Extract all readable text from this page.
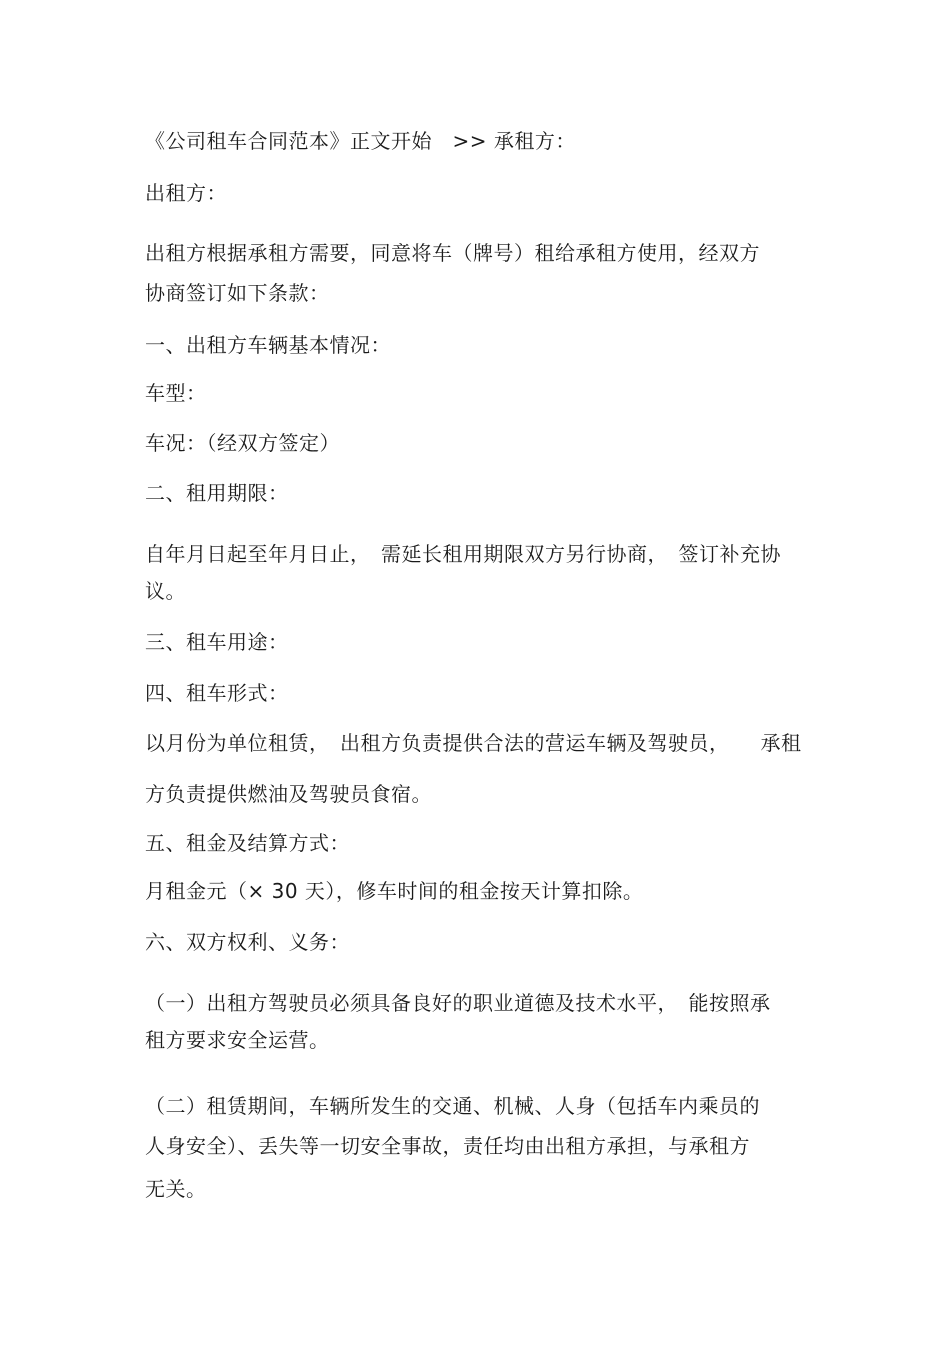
《公司租车合同范本》正文开始　>> 承租方：
出租方：
出租方根据承租方需要，同意将车（牌号）租给承租方使用，经双方
协商签订如下条款：
一、出租方车辆基本情况：
车型：
车况：（经双方签定）
二、租用期限：
自年月日起至年月日止，　需延长租用期限双方另行协商，　签订补充协
议。
三、租车用途：
四、租车形式：
以月份为单位租赁，　出租方负责提供合法的营运车辆及驾驶员，　　承租
方负责提供燃油及驾驶员食宿。
五、租金及结算方式：
月租金元（× 30 天），修车时间的租金按天计算扣除。
六、双方权利、义务：
（一）出租方驾驶员必须具备良好的职业道德及技术水平，　能按照承
租方要求安全运营。
（二）租赁期间，车辆所发生的交通、机械、人身（包括车内乘员的
人身安全）、丢失等一切安全事故，责任均由出租方承担，与承租方
无关。
